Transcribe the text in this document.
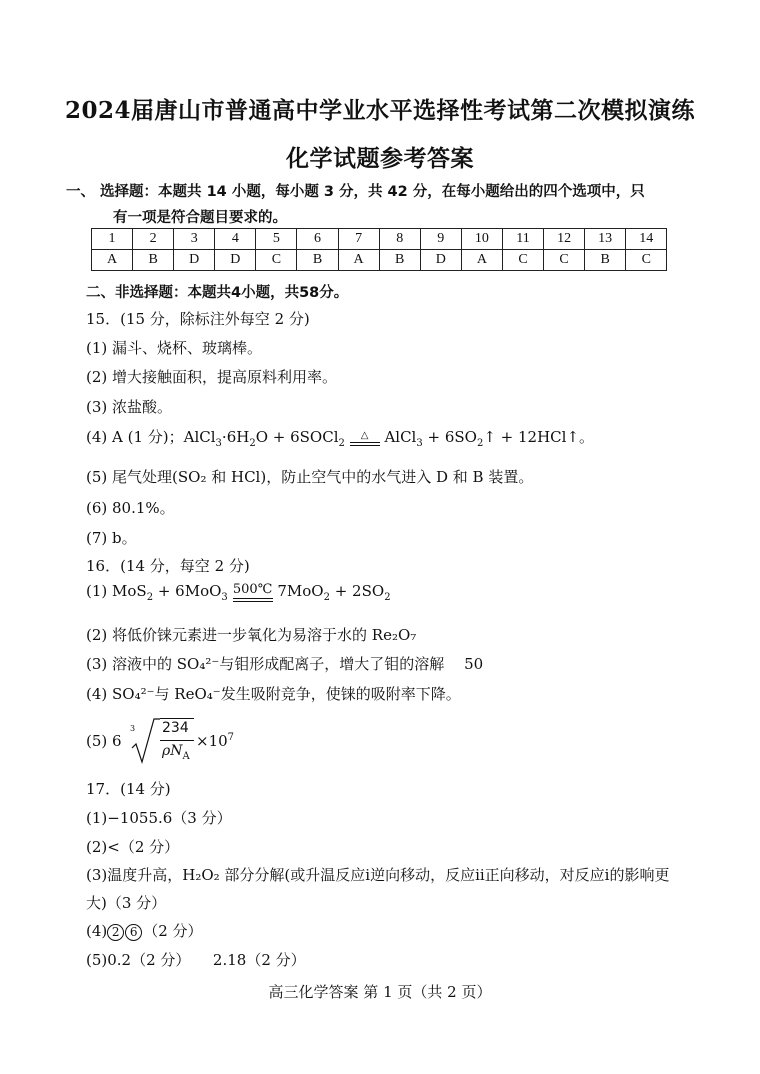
2024届唐山市普通高中学业水平选择性考试第二次模拟演练
化学试题参考答案
一、 选择题：本题共 14 小题，每小题 3 分，共 42 分，在每小题给出的四个选项中，只
有一项是符合题目要求的。
1	2	3	4	5	6	7	8	9	10	11	12	13	14
A	B	D	D	C	B	A	B	D	A	C	C	B	C
二、非选择题：本题共4小题，共58分。
15．(15 分，除标注外每空 2 分)
(1) 漏斗、烧杯、玻璃棒。
(2) 增大接触面积，提高原料利用率。
(3) 浓盐酸。
(4) A (1 分)；$AlCl_3\cdot 6H_2O$ + 6SOCl$_2$
△	AlCl$_3$ + $6SO_2↑$ + 12HCl↑。
(5) 尾气处理(SO₂ 和 HCl)，防止空气中的水气进入 D 和 B 装置。
(6) 80.1%。
(7) b。
16．(14 分，每空 2 分)
(1) MoS$_2$ + 6MoO$_3$
500℃ $7MoO_2 + 2SO_2$
(2) 将低价铼元素进一步氧化为易溶于水的 Re₂O₇
(3) 溶液中的 SO₄²⁻与钼形成配离子，增大了钼的溶解　 50
(4) SO₄²⁻与 ReO₄⁻发生吸附竞争，使铼的吸附率下降。
(5) 6
3 234
$\rho N_A$
$\times 10^7$
17．(14 分)
(1)−1055.6（3 分）
(2)<（2 分）
(3)温度升高，H₂O₂ 部分分解(或升温反应i逆向移动，反应ii正向移动，对反应i的影响更
大)（3 分）
(4) 2 6 （2 分）
(5)0.2（2 分）　　2.18（2 分）
高三化学答案 第 1 页（共 2 页）
